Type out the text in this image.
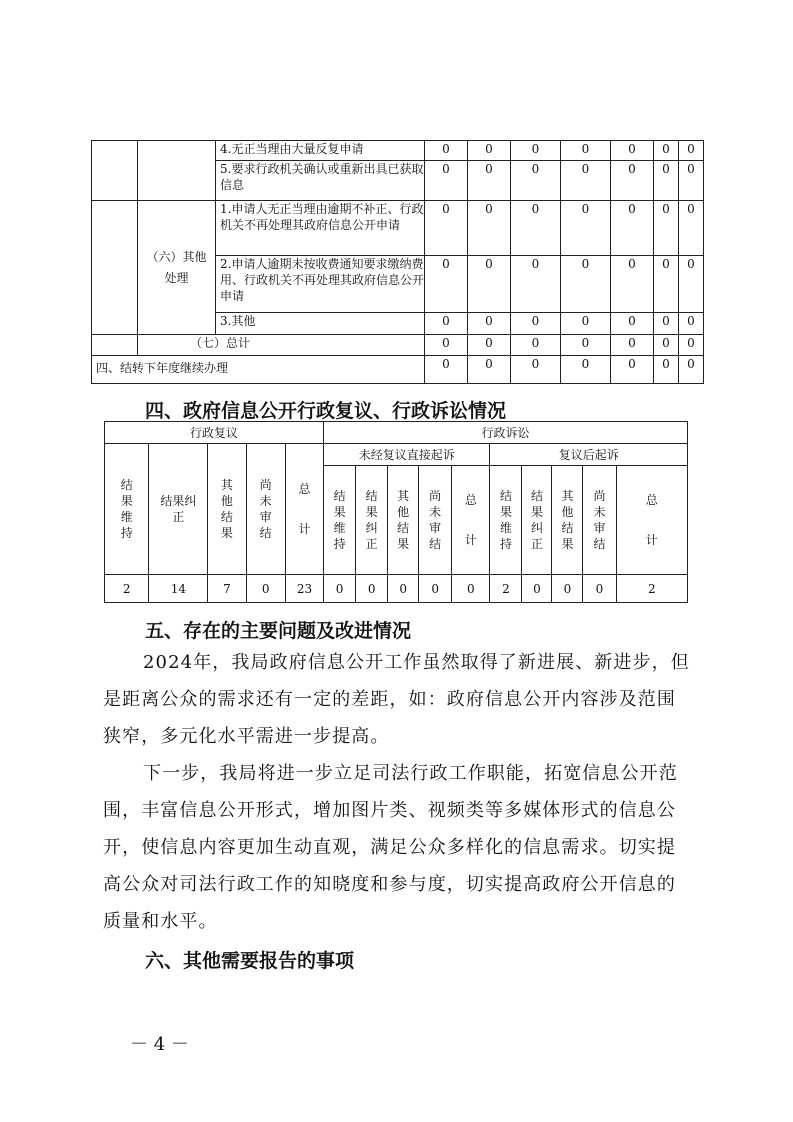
		4.无正当理由大量反复申请	0	0	0	0	0	0	0
		5.要求行政机关确认或重新出具已获取信息	0	0	0	0	0	0	0
	（六）其他处理	1.申请人无正当理由逾期不补正、行政机关不再处理其政府信息公开申请	0	0	0	0	0	0	0
		2.申请人逾期未按收费通知要求缴纳费用、行政机关不再处理其政府信息公开申请	0	0	0	0	0	0	0
		3.其他	0	0	0	0	0	0	0
	（七）总计		0	0	0	0	0	0	0
四、结转下年度继续办理			0	0	0	0	0	0	0
四、政府信息公开行政复议、行政诉讼情况
行政复议					行政诉讼									
结果维持	结果纠正	其他结果	尚未审结	总计	未经复议直接起诉					复议后起诉				
					结果维持	结果纠正	其他结果	尚未审结	总计	结果维持	结果纠正	其他结果	尚未审结	总计
2	14	7	0	23	0	0	0	0	0	2	0	0	0	2
五、存在的主要问题及改进情况
2024年，我局政府信息公开工作虽然取得了新进展、新进步，但是距离公众的需求还有一定的差距，如：政府信息公开内容涉及范围狭窄，多元化水平需进一步提高。
下一步，我局将进一步立足司法行政工作职能，拓宽信息公开范围，丰富信息公开形式，增加图片类、视频类等多媒体形式的信息公开，使信息内容更加生动直观，满足公众多样化的信息需求。切实提高公众对司法行政工作的知晓度和参与度，切实提高政府公开信息的质量和水平。
六、其他需要报告的事项
－ 4 －
